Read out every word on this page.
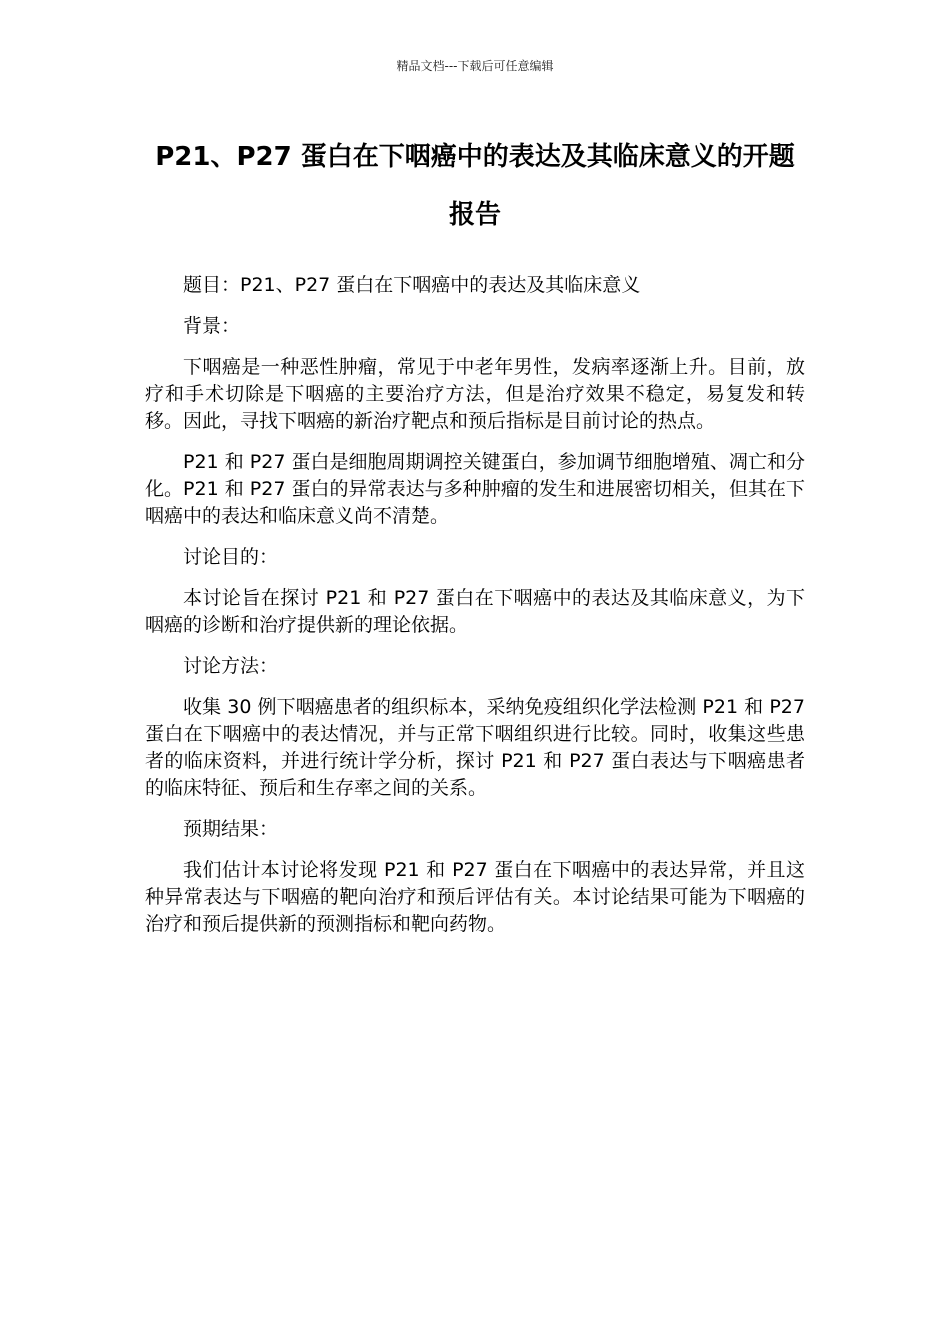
精品文档---下载后可任意编辑
P21、P27 蛋白在下咽癌中的表达及其临床意义的开题报告
题目：P21、P27 蛋白在下咽癌中的表达及其临床意义
背景：
下咽癌是一种恶性肿瘤，常见于中老年男性，发病率逐渐上升。目前，放疗和手术切除是下咽癌的主要治疗方法，但是治疗效果不稳定，易复发和转移。因此，寻找下咽癌的新治疗靶点和预后指标是目前讨论的热点。
P21 和 P27 蛋白是细胞周期调控关键蛋白，参加调节细胞增殖、凋亡和分化。P21 和 P27 蛋白的异常表达与多种肿瘤的发生和进展密切相关，但其在下咽癌中的表达和临床意义尚不清楚。
讨论目的：
本讨论旨在探讨 P21 和 P27 蛋白在下咽癌中的表达及其临床意义，为下咽癌的诊断和治疗提供新的理论依据。
讨论方法：
收集 30 例下咽癌患者的组织标本，采纳免疫组织化学法检测 P21 和 P27 蛋白在下咽癌中的表达情况，并与正常下咽组织进行比较。同时，收集这些患者的临床资料，并进行统计学分析，探讨 P21 和 P27 蛋白表达与下咽癌患者的临床特征、预后和生存率之间的关系。
预期结果：
我们估计本讨论将发现 P21 和 P27 蛋白在下咽癌中的表达异常，并且这种异常表达与下咽癌的靶向治疗和预后评估有关。本讨论结果可能为下咽癌的治疗和预后提供新的预测指标和靶向药物。
